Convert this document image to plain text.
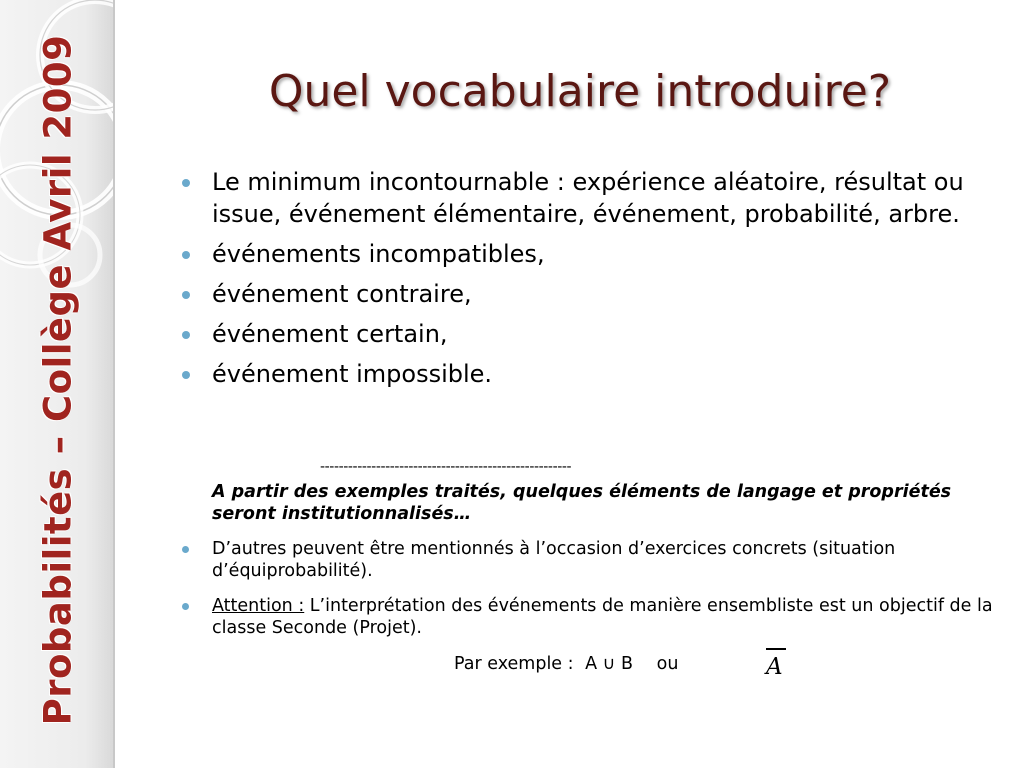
Probabilités – Collège Avril 2009	Quel vocabulaire introduire?
Le minimum incontournable : expérience aléatoire, résultat ou issue, événement élémentaire, événement, probabilité, arbre.
événements incompatibles,
événement contraire,
événement certain,
événement impossible.
------------------------------------------------------
A partir des exemples traités, quelques éléments de langage et propriétés seront institutionnalisés…
D’autres peuvent être mentionnés à l’occasion d’exercices concrets (situation d’équiprobabilité).
Attention : L’interprétation des événements de manière ensembliste est un objectif de la classe Seconde (Projet).
Par exemple : A ∪ B ou	A
